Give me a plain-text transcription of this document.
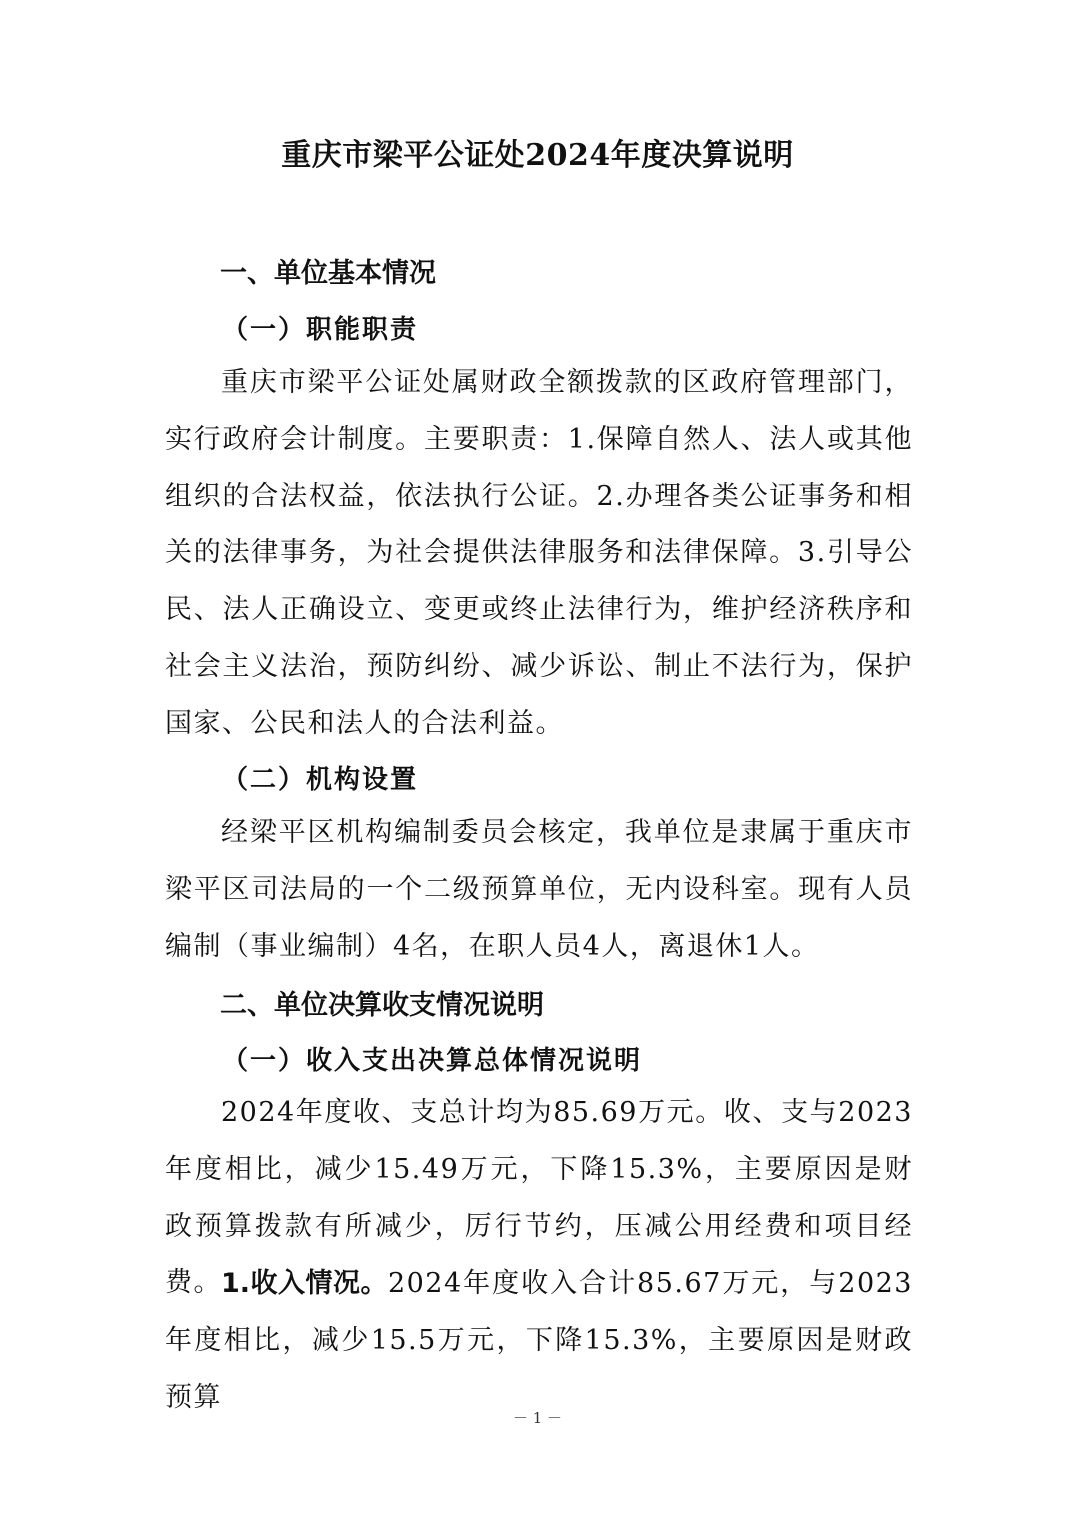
重庆市梁平公证处2024年度决算说明
一、单位基本情况
（一）职能职责
重庆市梁平公证处属财政全额拨款的区政府管理部门，实行政府会计制度。主要职责：1.保障自然人、法人或其他组织的合法权益，依法执行公证。2.办理各类公证事务和相关的法律事务，为社会提供法律服务和法律保障。3.引导公民、法人正确设立、变更或终止法律行为，维护经济秩序和社会主义法治，预防纠纷、减少诉讼、制止不法行为，保护国家、公民和法人的合法利益。
（二）机构设置
经梁平区机构编制委员会核定，我单位是隶属于重庆市梁平区司法局的一个二级预算单位，无内设科室。现有人员编制（事业编制）4名，在职人员4人，离退休1人。
二、单位决算收支情况说明
（一）收入支出决算总体情况说明
2024年度收、支总计均为85.69万元。收、支与2023年度相比，减少15.49万元，下降15.3%，主要原因是财政预算拨款有所减少，厉行节约，压减公用经费和项目经费。 1.收入情况。2024年度收入合计85.67万元，与2023年度相比，减少15.5万元，下降15.3%，主要原因是财政预算
－ 1 －
